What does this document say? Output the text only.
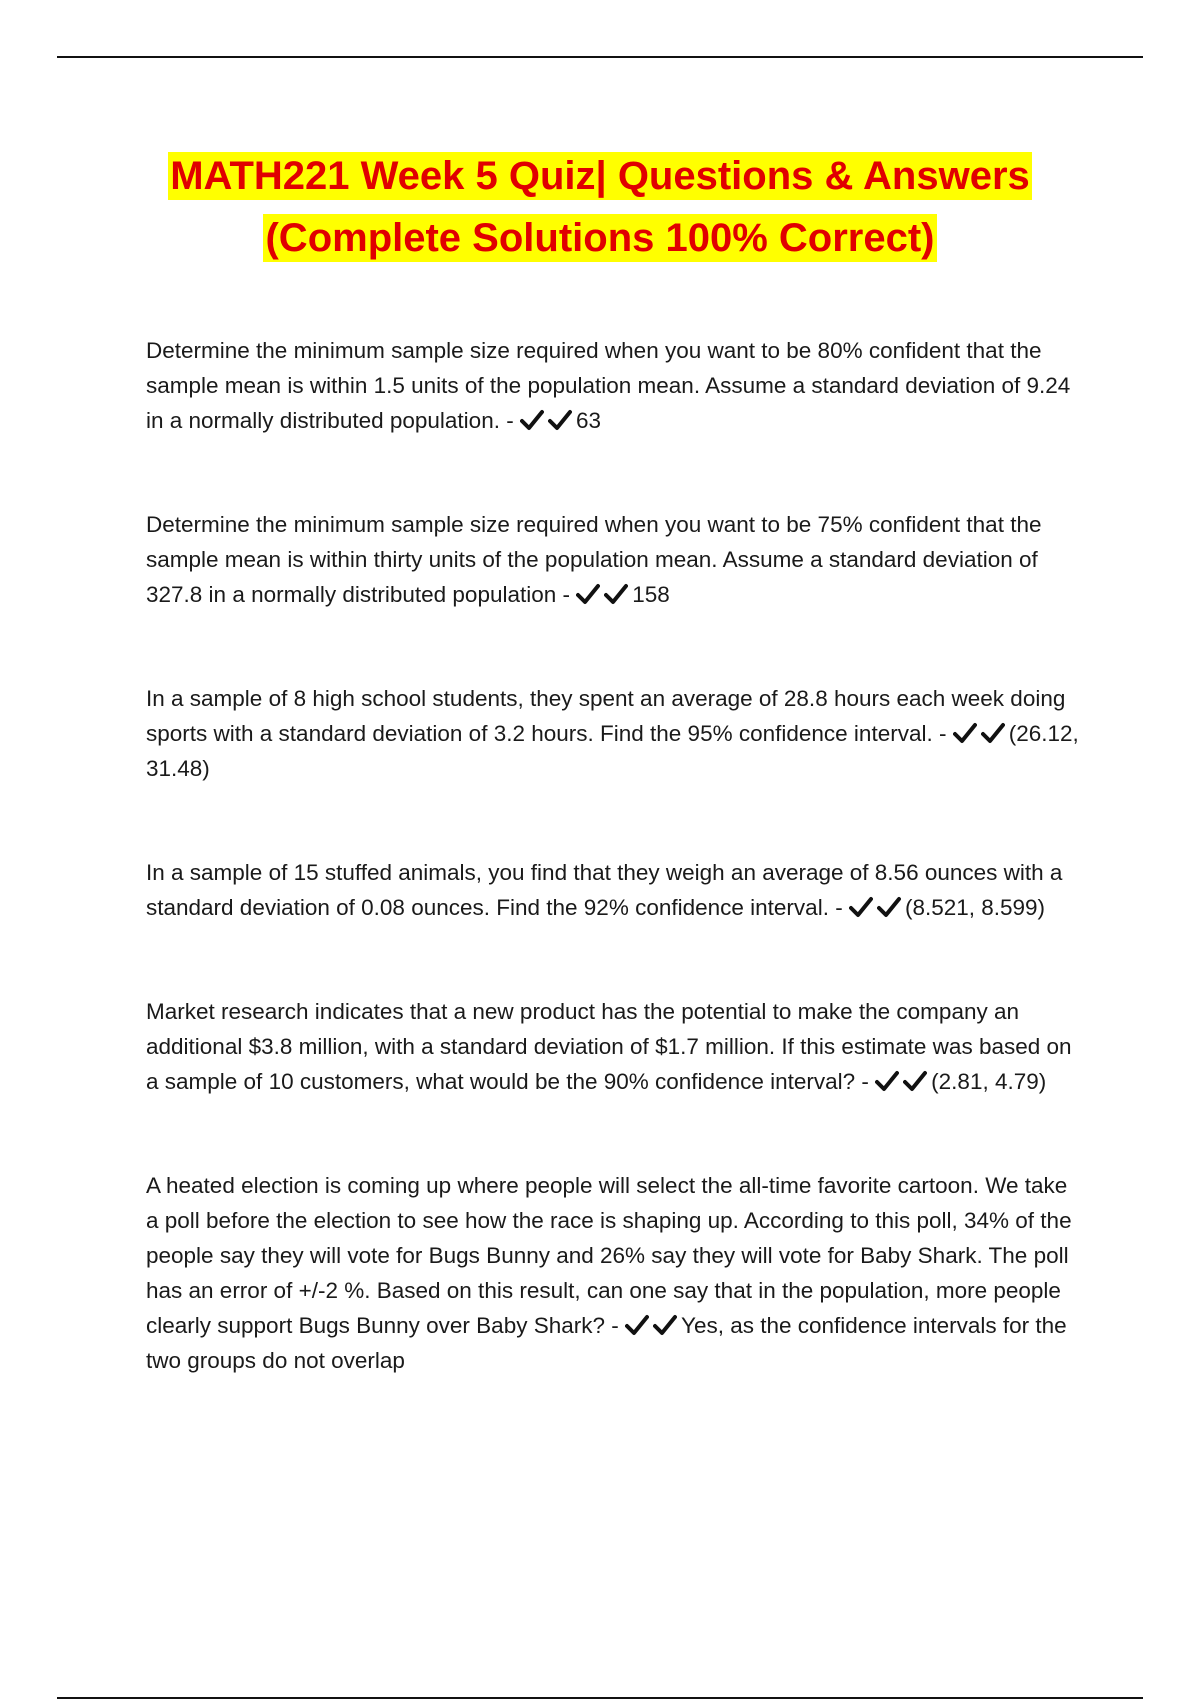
MATH221 Week 5 Quiz| Questions & Answers
(Complete Solutions 100% Correct)

Determine the minimum sample size required when you want to be 80% confident that the sample mean is within 1.5 units of the population mean. Assume a standard deviation of 9.24 in a normally distributed population. -	63

Determine the minimum sample size required when you want to be 75% confident that the sample mean is within thirty units of the population mean. Assume a standard deviation of 327.8 in a normally distributed population -	158

In a sample of 8 high school students, they spent an average of 28.8 hours each week doing sports with a standard deviation of 3.2 hours. Find the 95% confidence interval. -	(26.12, 31.48)

In a sample of 15 stuffed animals, you find that they weigh an average of 8.56 ounces with a standard deviation of 0.08 ounces. Find the 92% confidence interval. -	(8.521, 8.599)

Market research indicates that a new product has the potential to make the company an additional $3.8 million, with a standard deviation of $1.7 million. If this estimate was based on a sample of 10 customers, what would be the 90% confidence interval? -	(2.81, 4.79)

A heated election is coming up where people will select the all-time favorite cartoon. We take a poll before the election to see how the race is shaping up. According to this poll, 34% of the people say they will vote for Bugs Bunny and 26% say they will vote for Baby Shark. The poll has an error of +/-2 %. Based on this result, can one say that in the population, more people clearly support Bugs Bunny over Baby Shark? -	Yes, as the confidence intervals for the two groups do not overlap
